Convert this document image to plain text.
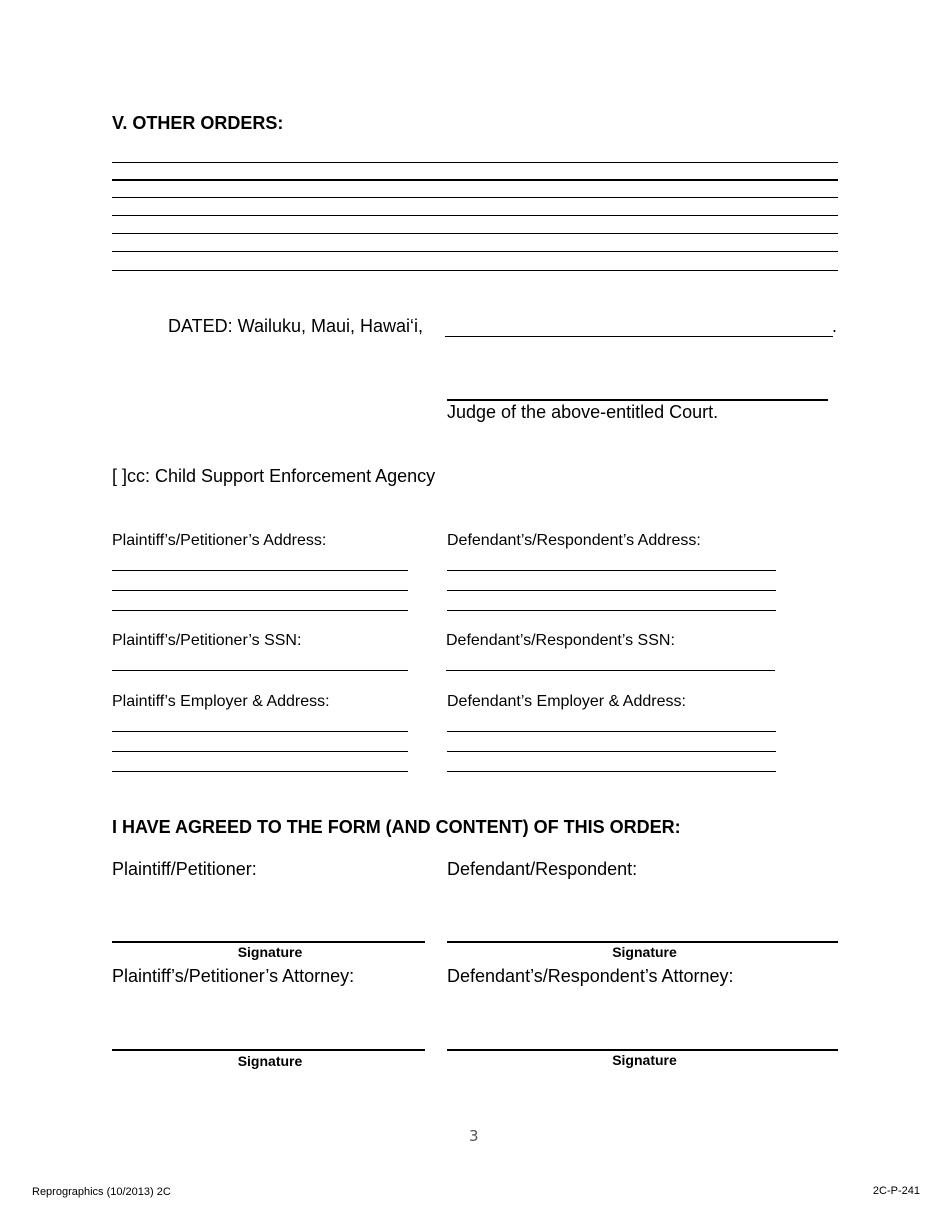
V. OTHER ORDERS:
DATED: Wailuku, Maui, Hawai‘i,	.
Judge of the above-entitled Court.
[ ]cc: Child Support Enforcement Agency
Plaintiff’s/Petitioner’s Address:	Defendant’s/Respondent’s Address:
Plaintiff’s/Petitioner’s SSN:	Defendant’s/Respondent’s SSN:
Plaintiff’s Employer & Address:	Defendant’s Employer & Address:
I HAVE AGREED TO THE FORM (AND CONTENT) OF THIS ORDER:
Plaintiff/Petitioner:	Defendant/Respondent:
Signature	Signature
Plaintiff’s/Petitioner’s Attorney:	Defendant’s/Respondent’s Attorney:
Signature	Signature
3
Reprographics (10/2013) 2C	2C-P-241
